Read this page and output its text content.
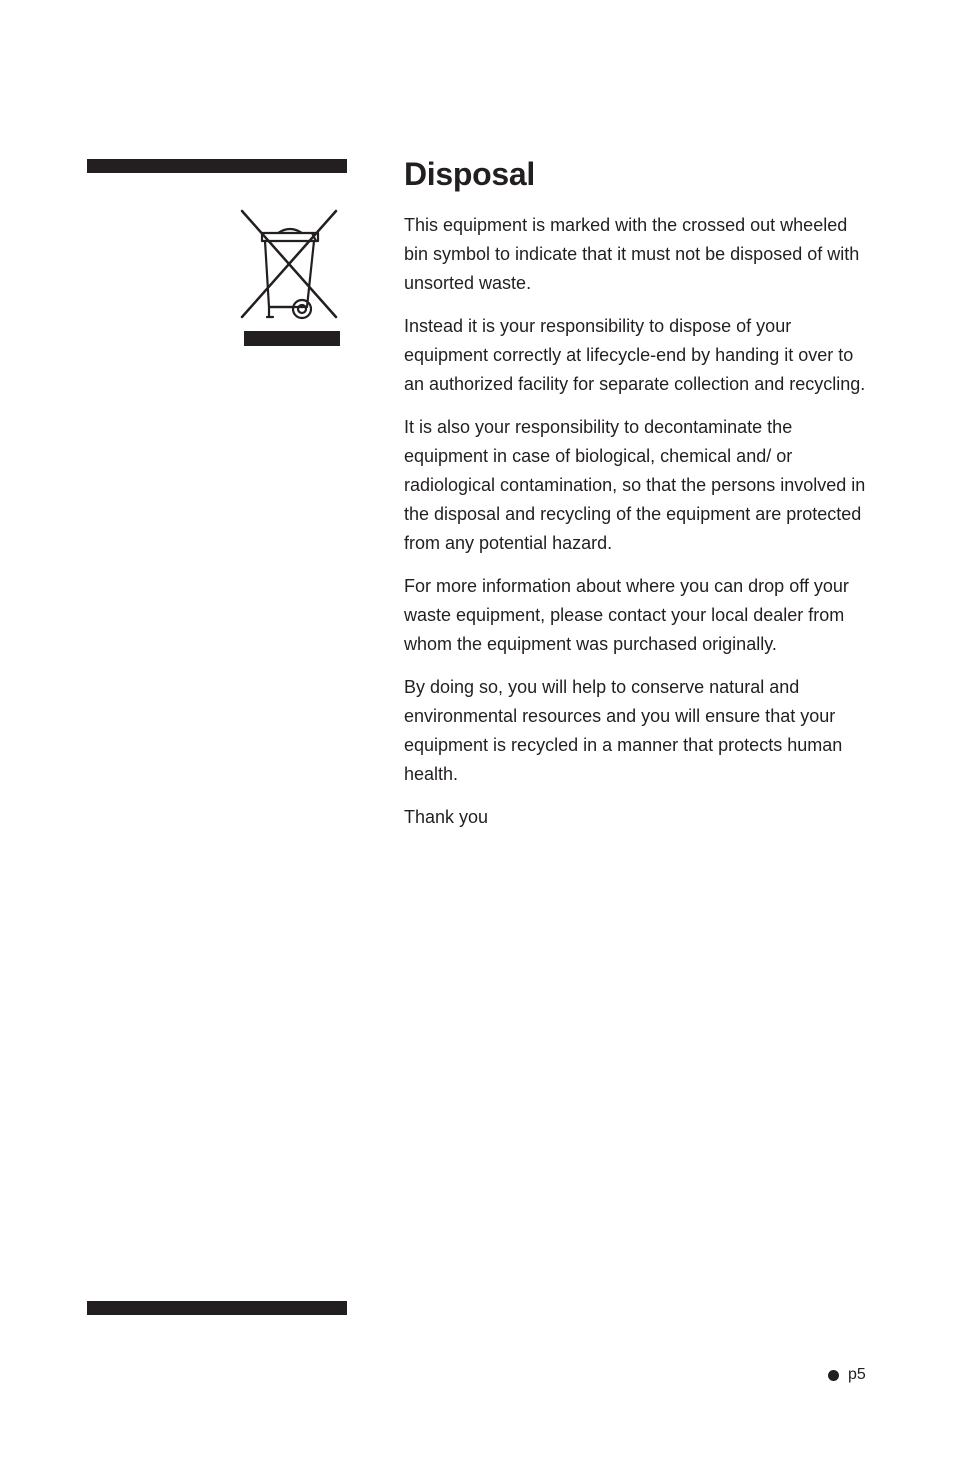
Disposal

This equipment is marked with the crossed out wheeled bin symbol to indicate that it must not be disposed of with unsorted waste.

Instead it is your responsibility to dispose of your equipment correctly at lifecycle-end by handing it over to an authorized facility for separate collection and recycling.

It is also your responsibility to decontaminate the equipment in case of biological, chemical and/ or radiological contamination, so that the persons involved in the disposal and recycling of the equipment are protected from any potential hazard.

For more information about where you can drop off your waste equipment, please contact your local dealer from whom the equipment was purchased originally.

By doing so, you will help to conserve natural and environmental resources and you will ensure that your equipment is recycled in a manner that protects human health.

Thank you

p5
